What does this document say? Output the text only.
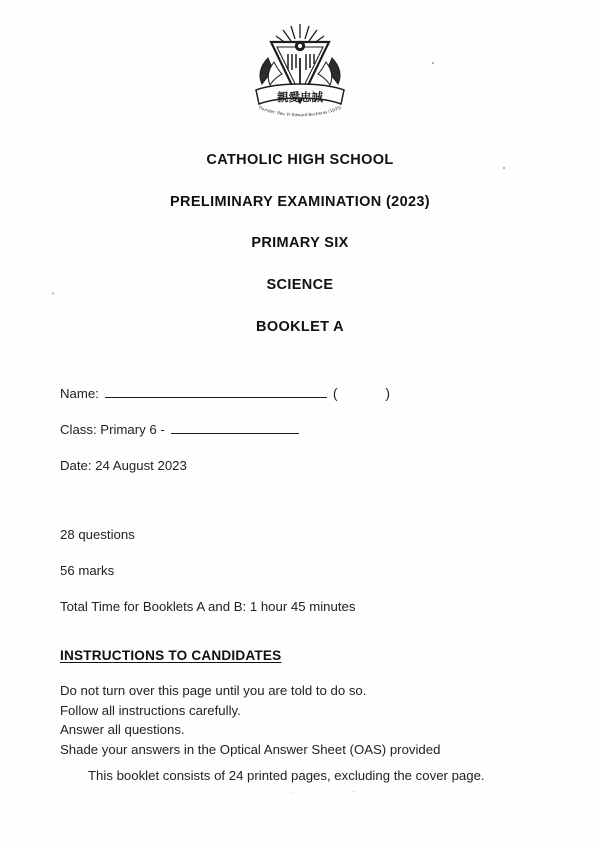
親愛忠誠
Founder: Rev. Fr Edward Becheras (1935)
CATHOLIC HIGH SCHOOL
PRELIMINARY EXAMINATION (2023)
PRIMARY SIX
SCIENCE
BOOKLET A
Name:	( )
Class: Primary 6 -
Date: 24 August 2023
28 questions
56 marks
Total Time for Booklets A and B: 1 hour 45 minutes
INSTRUCTIONS TO CANDIDATES
Do not turn over this page until you are told to do so.
Follow all instructions carefully.
Answer all questions.
Shade your answers in the Optical Answer Sheet (OAS) provided
This booklet consists of 24 printed pages, excluding the cover page.
